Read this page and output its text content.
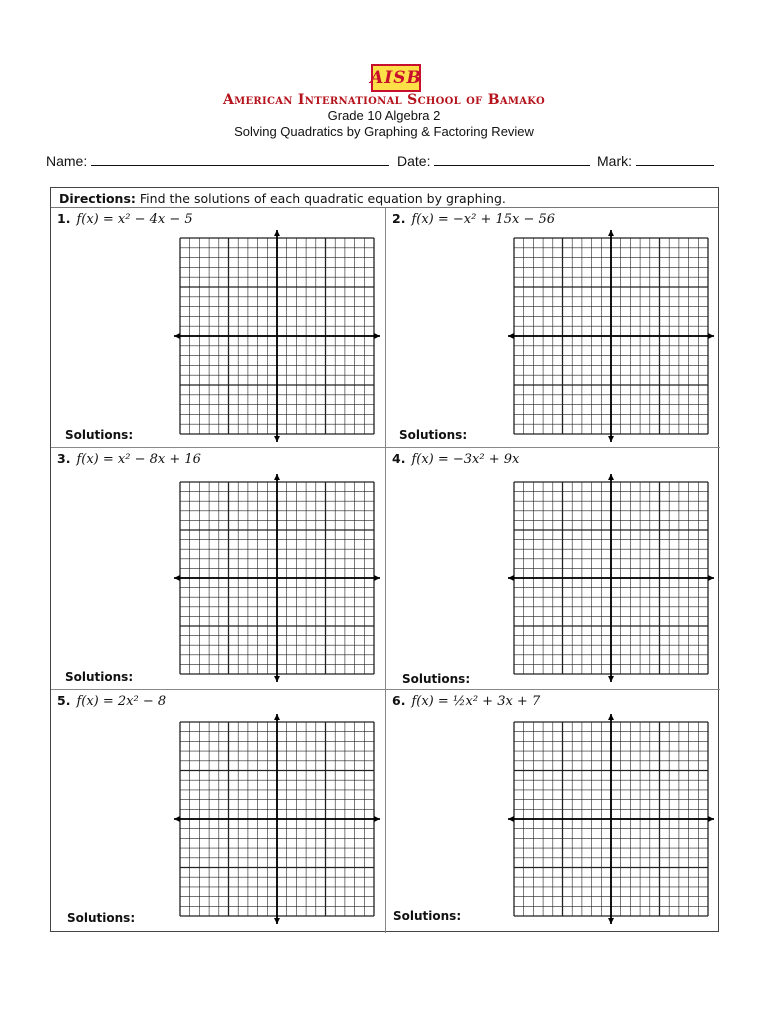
AISB
American International School of Bamako
Grade 10 Algebra 2
Solving Quadratics by Graphing & Factoring Review
Name:	Date:	Mark:
Directions: Find the solutions of each quadratic equation by graphing.
1. f(x) = x² − 4x − 5
Solutions:
2. f(x) = −x² + 15x − 56
Solutions:
3. f(x) = x² − 8x + 16
Solutions:
4. f(x) = −3x² + 9x
Solutions:
5. f(x) = 2x² − 8
Solutions:
6. f(x) = ½x² + 3x + 7
Solutions:
